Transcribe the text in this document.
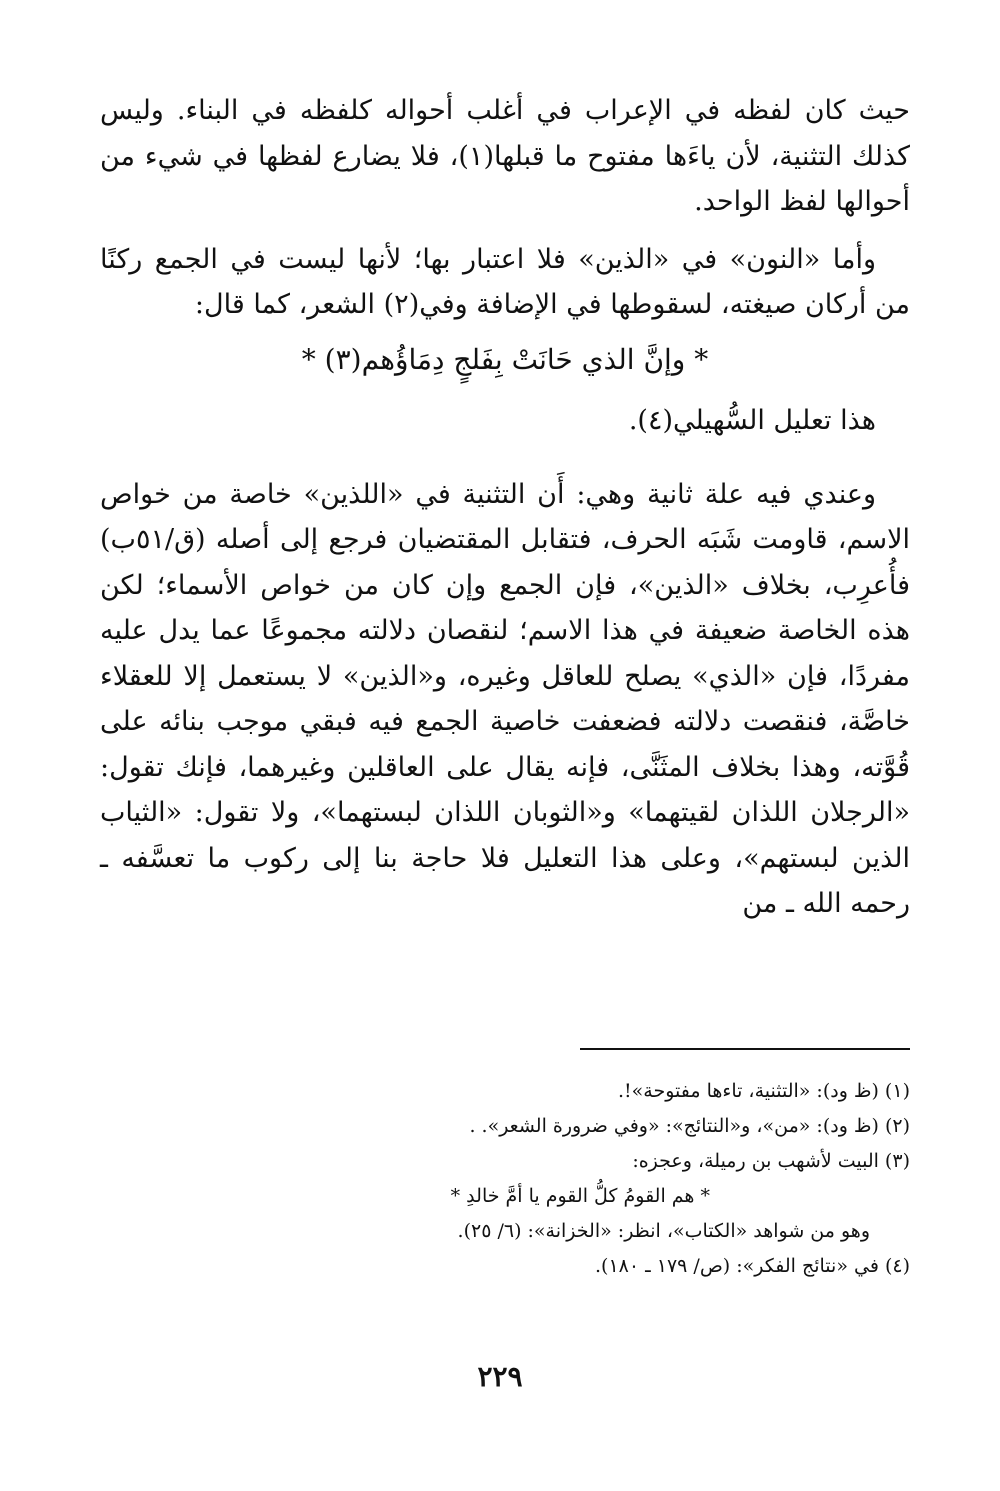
حيث كان لفظه في الإعراب في أغلب أحواله كلفظه في البناء. وليس كذلك التثنية، لأن ياءَها مفتوح ما قبلها(١)، فلا يضارع لفظها في شيء من أحوالها لفظ الواحد.

وأما «النون» في «الذين» فلا اعتبار بها؛ لأنها ليست في الجمع ركنًا من أركان صيغته، لسقوطها في الإضافة وفي(٢) الشعر، كما قال:

* وإنَّ الذي حَانَتْ بِفَلجٍ دِمَاؤُهم(٣) *

هذا تعليل السُّهيلي(٤).

وعندي فيه علة ثانية وهي: أَن التثنية في «اللذين» خاصة من خواص الاسم، قاومت شَبَه الحرف، فتقابل المقتضيان فرجع إلى أصله (ق/٥١ب) فأُعرِب، بخلاف «الذين»، فإن الجمع وإن كان من خواص الأسماء؛ لكن هذه الخاصة ضعيفة في هذا الاسم؛ لنقصان دلالته مجموعًا عما يدل عليه مفردًا، فإن «الذي» يصلح للعاقل وغيره، و«الذين» لا يستعمل إلا للعقلاء خاصَّة، فنقصت دلالته فضعفت خاصية الجمع فيه فبقي موجب بنائه على قُوَّته، وهذا بخلاف المثَنَّى، فإنه يقال على العاقلين وغيرهما، فإنك تقول: «الرجلان اللذان لقيتهما» و«الثوبان اللذان لبستهما»، ولا تقول: «الثياب الذين لبستهم»، وعلى هذا التعليل فلا حاجة بنا إلى ركوب ما تعسَّفه ـ رحمه الله ـ من

(١) (ظ ود): «التثنية، تاءها مفتوحة»!.

(٢) (ظ ود): «من»، و«النتائج»: «وفي ضرورة الشعر». .

(٣) البيت لأشهب بن رميلة، وعجزه:

* هم القومُ كلُّ القوم يا أمَّ خالدِ *

وهو من شواهد «الكتاب»، انظر: «الخزانة»: (٦/ ٢٥).

(٤) في «نتائج الفكر»: (ص/ ١٧٩ ـ ١٨٠).

٢٢٩
